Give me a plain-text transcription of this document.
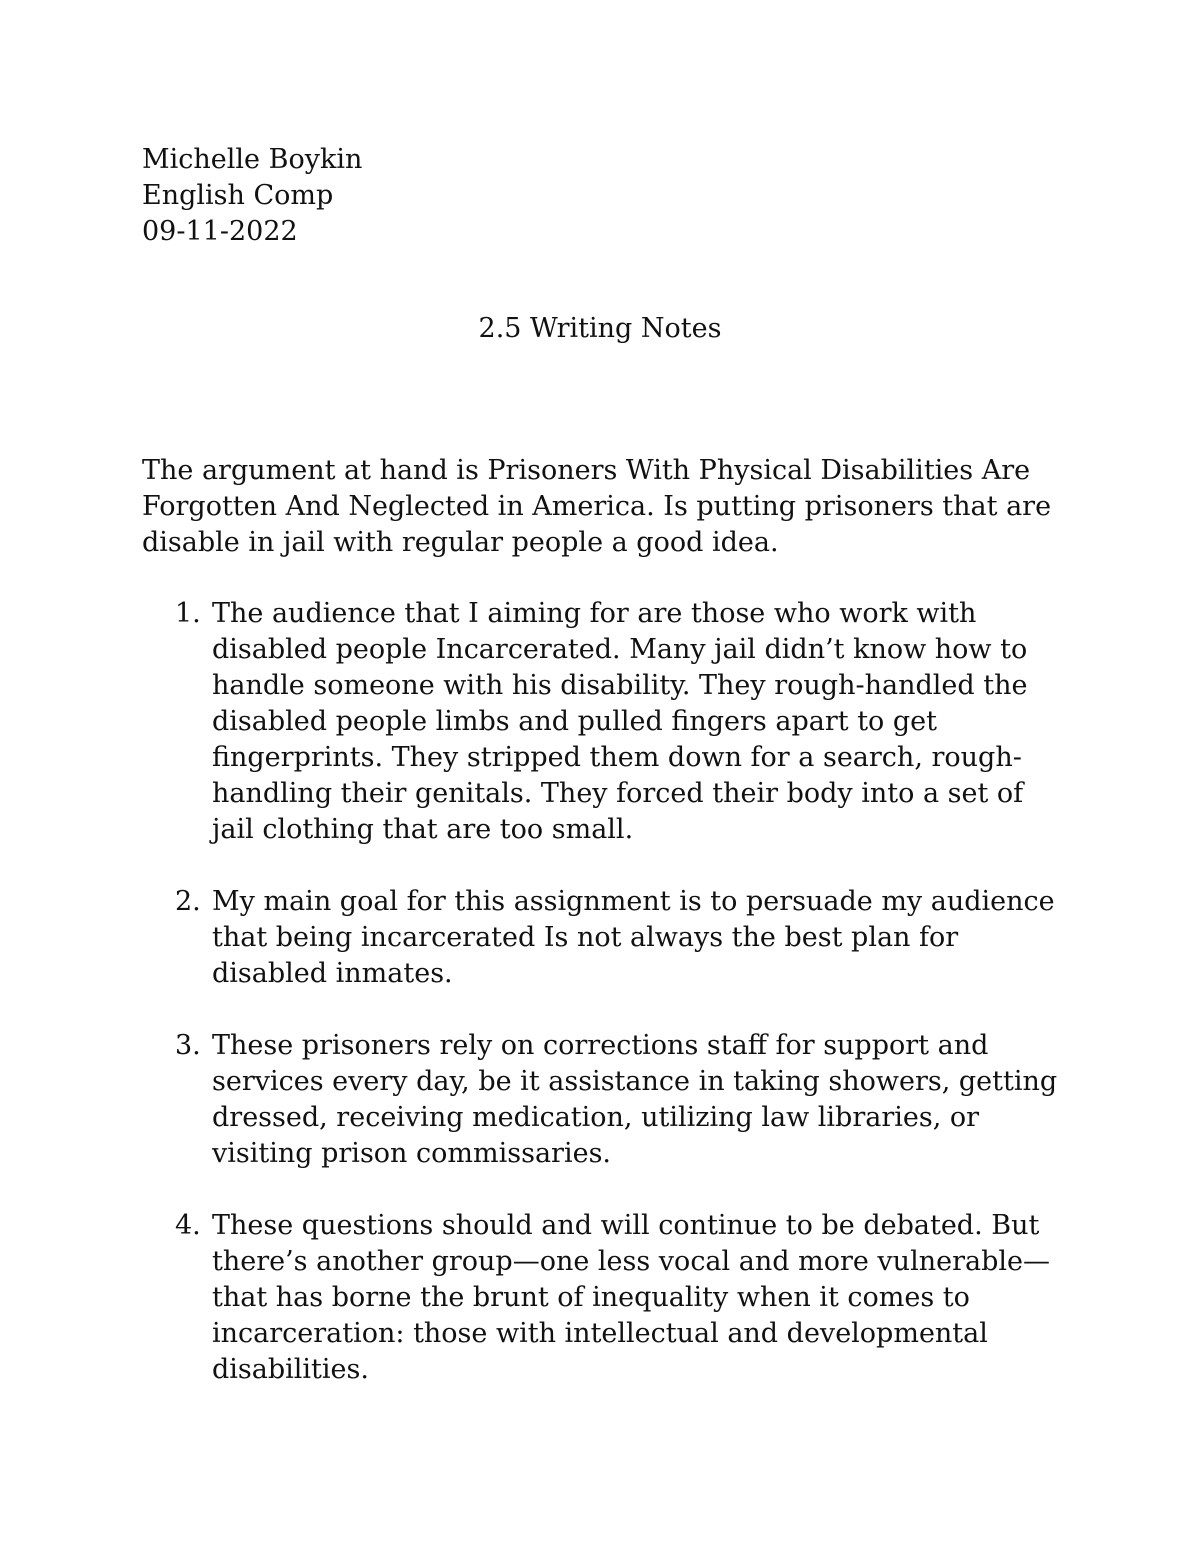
Michelle Boykin
English Comp
09-11-2022
2.5 Writing Notes
The argument at hand is Prisoners With Physical Disabilities Are Forgotten And Neglected in America. Is putting prisoners that are disable in jail with regular people a good idea.
1. The audience that I aiming for are those who work with disabled people Incarcerated. Many jail didn’t know how to handle someone with his disability. They rough-handled the disabled people limbs and pulled fingers apart to get fingerprints. They stripped them down for a search, rough-handling their genitals. They forced their body into a set of jail clothing that are too small.
2. My main goal for this assignment is to persuade my audience that being incarcerated Is not always the best plan for disabled inmates.
3. These prisoners rely on corrections staff for support and services every day, be it assistance in taking showers, getting dressed, receiving medication, utilizing law libraries, or visiting prison commissaries.
4. These questions should and will continue to be debated. But there’s another group—one less vocal and more vulnerable—that has borne the brunt of inequality when it comes to incarceration: those with intellectual and developmental disabilities.
